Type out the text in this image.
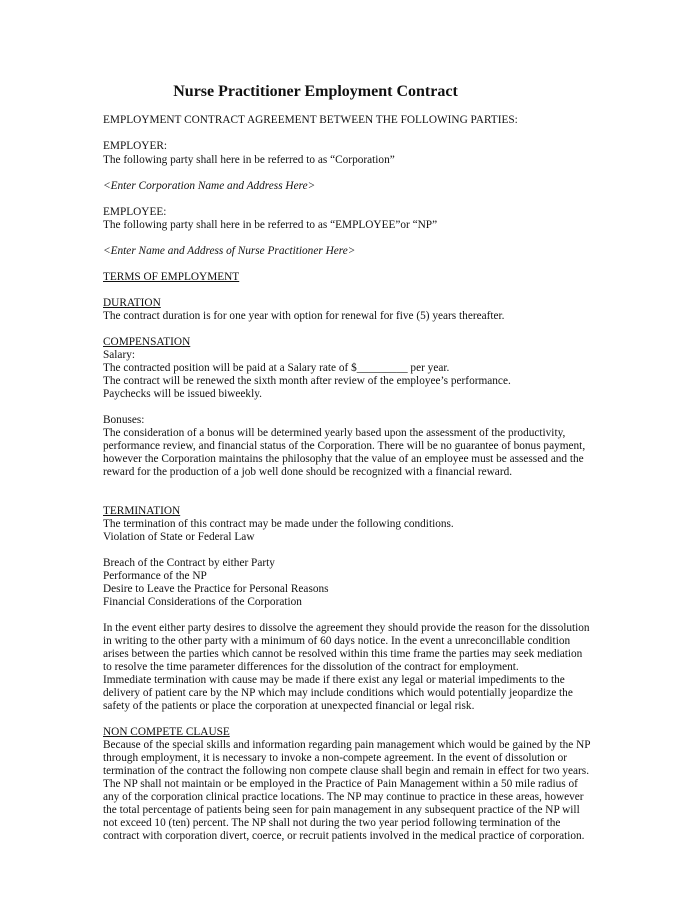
Nurse Practitioner Employment Contract
EMPLOYMENT CONTRACT AGREEMENT BETWEEN THE FOLLOWING PARTIES:
EMPLOYER:
The following party shall here in be referred to as “Corporation”
<Enter Corporation Name and Address Here>
EMPLOYEE:
The following party shall here in be referred to as “EMPLOYEE”or “NP”
<Enter Name and Address of Nurse Practitioner Here>
TERMS OF EMPLOYMENT
DURATION
The contract duration is for one year with option for renewal for five (5) years thereafter.
COMPENSATION
Salary:
The contracted position will be paid at a Salary rate of $_________ per year.
The contract will be renewed the sixth month after review of the employee’s performance.
Paychecks will be issued biweekly.
Bonuses:
The consideration of a bonus will be determined yearly based upon the assessment of the productivity,
performance review, and financial status of the Corporation. There will be no guarantee of bonus payment,
however the Corporation maintains the philosophy that the value of an employee must be assessed and the
reward for the production of a job well done should be recognized with a financial reward.
TERMINATION
The termination of this contract may be made under the following conditions.
Violation of State or Federal Law
Breach of the Contract by either Party
Performance of the NP
Desire to Leave the Practice for Personal Reasons
Financial Considerations of the Corporation
In the event either party desires to dissolve the agreement they should provide the reason for the dissolution
in writing to the other party with a minimum of 60 days notice. In the event a unreconcillable condition
arises between the parties which cannot be resolved within this time frame the parties may seek mediation
to resolve the time parameter differences for the dissolution of the contract for employment.
Immediate termination with cause may be made if there exist any legal or material impediments to the
delivery of patient care by the NP which may include conditions which would potentially jeopardize the
safety of the patients or place the corporation at unexpected financial or legal risk.
NON COMPETE CLAUSE
Because of the special skills and information regarding pain management which would be gained by the NP
through employment, it is necessary to invoke a non-compete agreement. In the event of dissolution or
termination of the contract the following non compete clause shall begin and remain in effect for two years.
The NP shall not maintain or be employed in the Practice of Pain Management within a 50 mile radius of
any of the corporation clinical practice locations. The NP may continue to practice in these areas, however
the total percentage of patients being seen for pain management in any subsequent practice of the NP will
not exceed 10 (ten) percent. The NP shall not during the two year period following termination of the
contract with corporation divert, coerce, or recruit patients involved in the medical practice of corporation.
